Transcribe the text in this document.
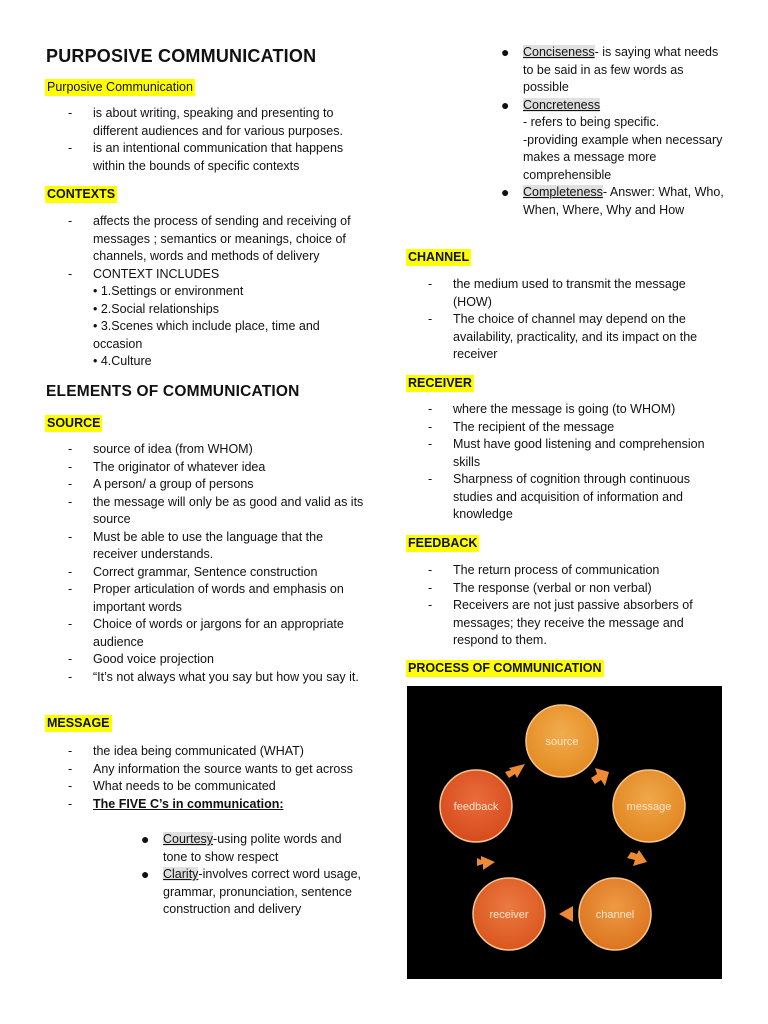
PURPOSIVE COMMUNICATION
Purposive Communication
- is about writing, speaking and presenting to different audiences and for various purposes.
- is an intentional communication that happens within the bounds of specific contexts
CONTEXTS
- affects the process of sending and receiving of messages ; semantics or meanings, choice of channels, words and methods of delivery
- CONTEXT INCLUDES
• 1.Settings or environment
• 2.Social relationships
• 3.Scenes which include place, time and occasion
• 4.Culture
ELEMENTS OF COMMUNICATION
SOURCE
- source of idea (from WHOM)
- The originator of whatever idea
- A person/ a group of persons
- the message will only be as good and valid as its source
- Must be able to use the language that the receiver understands.
- Correct grammar, Sentence construction
- Proper articulation of words and emphasis on important words
- Choice of words or jargons for an appropriate audience
- Good voice projection
- “It’s not always what you say but how you say it.
MESSAGE
- the idea being communicated (WHAT)
- Any information the source wants to get across
- What needs to be communicated
- The FIVE C’s in communication:
● Courtesy-using polite words and tone to show respect
● Clarity-involves correct word usage, grammar, pronunciation, sentence construction and delivery
● Conciseness- is saying what needs to be said in as few words as possible
● Concreteness
- refers to being specific.
-providing example when necessary makes a message more comprehensible
● Completeness- Answer: What, Who, When, Where, Why and How
CHANNEL
- the medium used to transmit the message (HOW)
- The choice of channel may depend on the availability, practicality, and its impact on the receiver
RECEIVER
- where the message is going (to WHOM)
- The recipient of the message
- Must have good listening and comprehension skills
- Sharpness of cognition through continuous studies and acquisition of information and knowledge
FEEDBACK
- The return process of communication
- The response (verbal or non verbal)
- Receivers are not just passive absorbers of messages; they receive the message and respond to them.
PROCESS OF COMMUNICATION
source
message
channel
receiver
feedback
